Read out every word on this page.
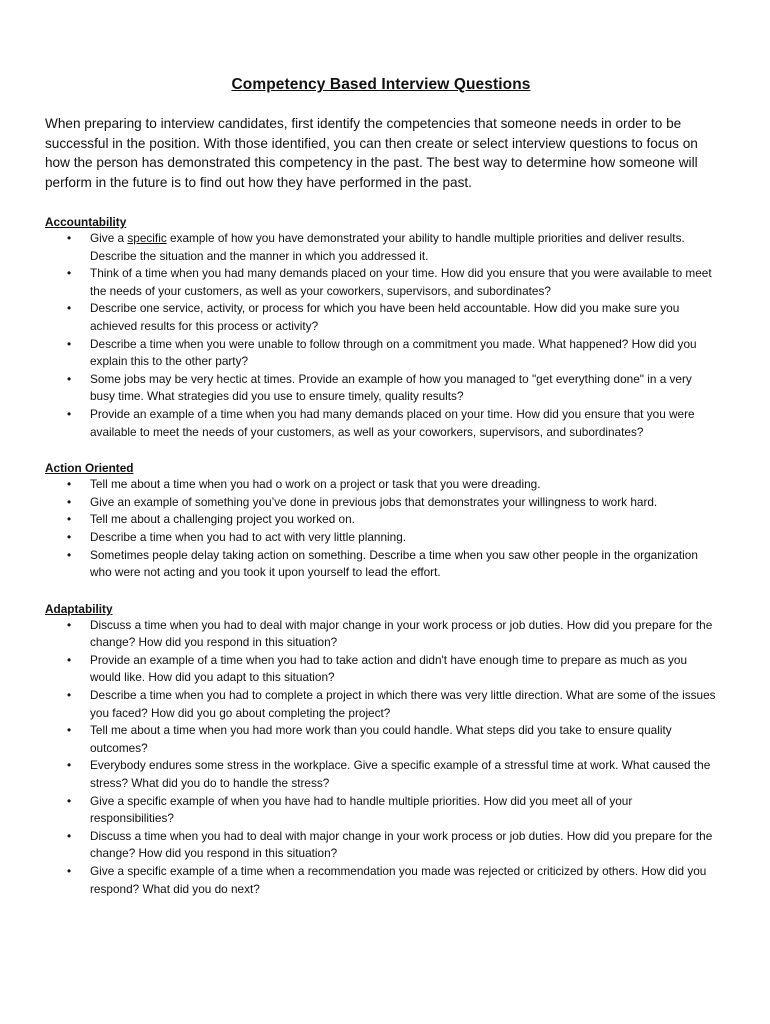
Competency Based Interview Questions

When preparing to interview candidates, first identify the competencies that someone needs in order to be successful in the position. With those identified, you can then create or select interview questions to focus on how the person has demonstrated this competency in the past. The best way to determine how someone will perform in the future is to find out how they have performed in the past.

Accountability

• Give a specific example of how you have demonstrated your ability to handle multiple priorities and deliver results. Describe the situation and the manner in which you addressed it.
• Think of a time when you had many demands placed on your time. How did you ensure that you were available to meet the needs of your customers, as well as your coworkers, supervisors, and subordinates?
• Describe one service, activity, or process for which you have been held accountable. How did you make sure you achieved results for this process or activity?
• Describe a time when you were unable to follow through on a commitment you made. What happened? How did you explain this to the other party?
• Some jobs may be very hectic at times. Provide an example of how you managed to "get everything done" in a very busy time. What strategies did you use to ensure timely, quality results?
• Provide an example of a time when you had many demands placed on your time. How did you ensure that you were available to meet the needs of your customers, as well as your coworkers, supervisors, and subordinates?

Action Oriented

• Tell me about a time when you had o work on a project or task that you were dreading.
• Give an example of something you’ve done in previous jobs that demonstrates your willingness to work hard.
• Tell me about a challenging project you worked on.
• Describe a time when you had to act with very little planning.
• Sometimes people delay taking action on something. Describe a time when you saw other people in the organization who were not acting and you took it upon yourself to lead the effort.

Adaptability

• Discuss a time when you had to deal with major change in your work process or job duties. How did you prepare for the change? How did you respond in this situation?
• Provide an example of a time when you had to take action and didn't have enough time to prepare as much as you would like. How did you adapt to this situation?
• Describe a time when you had to complete a project in which there was very little direction. What are some of the issues you faced? How did you go about completing the project?
• Tell me about a time when you had more work than you could handle. What steps did you take to ensure quality outcomes?
• Everybody endures some stress in the workplace. Give a specific example of a stressful time at work. What caused the stress? What did you do to handle the stress?
• Give a specific example of when you have had to handle multiple priorities. How did you meet all of your responsibilities?
• Discuss a time when you had to deal with major change in your work process or job duties. How did you prepare for the change? How did you respond in this situation?
• Give a specific example of a time when a recommendation you made was rejected or criticized by others. How did you respond? What did you do next?
